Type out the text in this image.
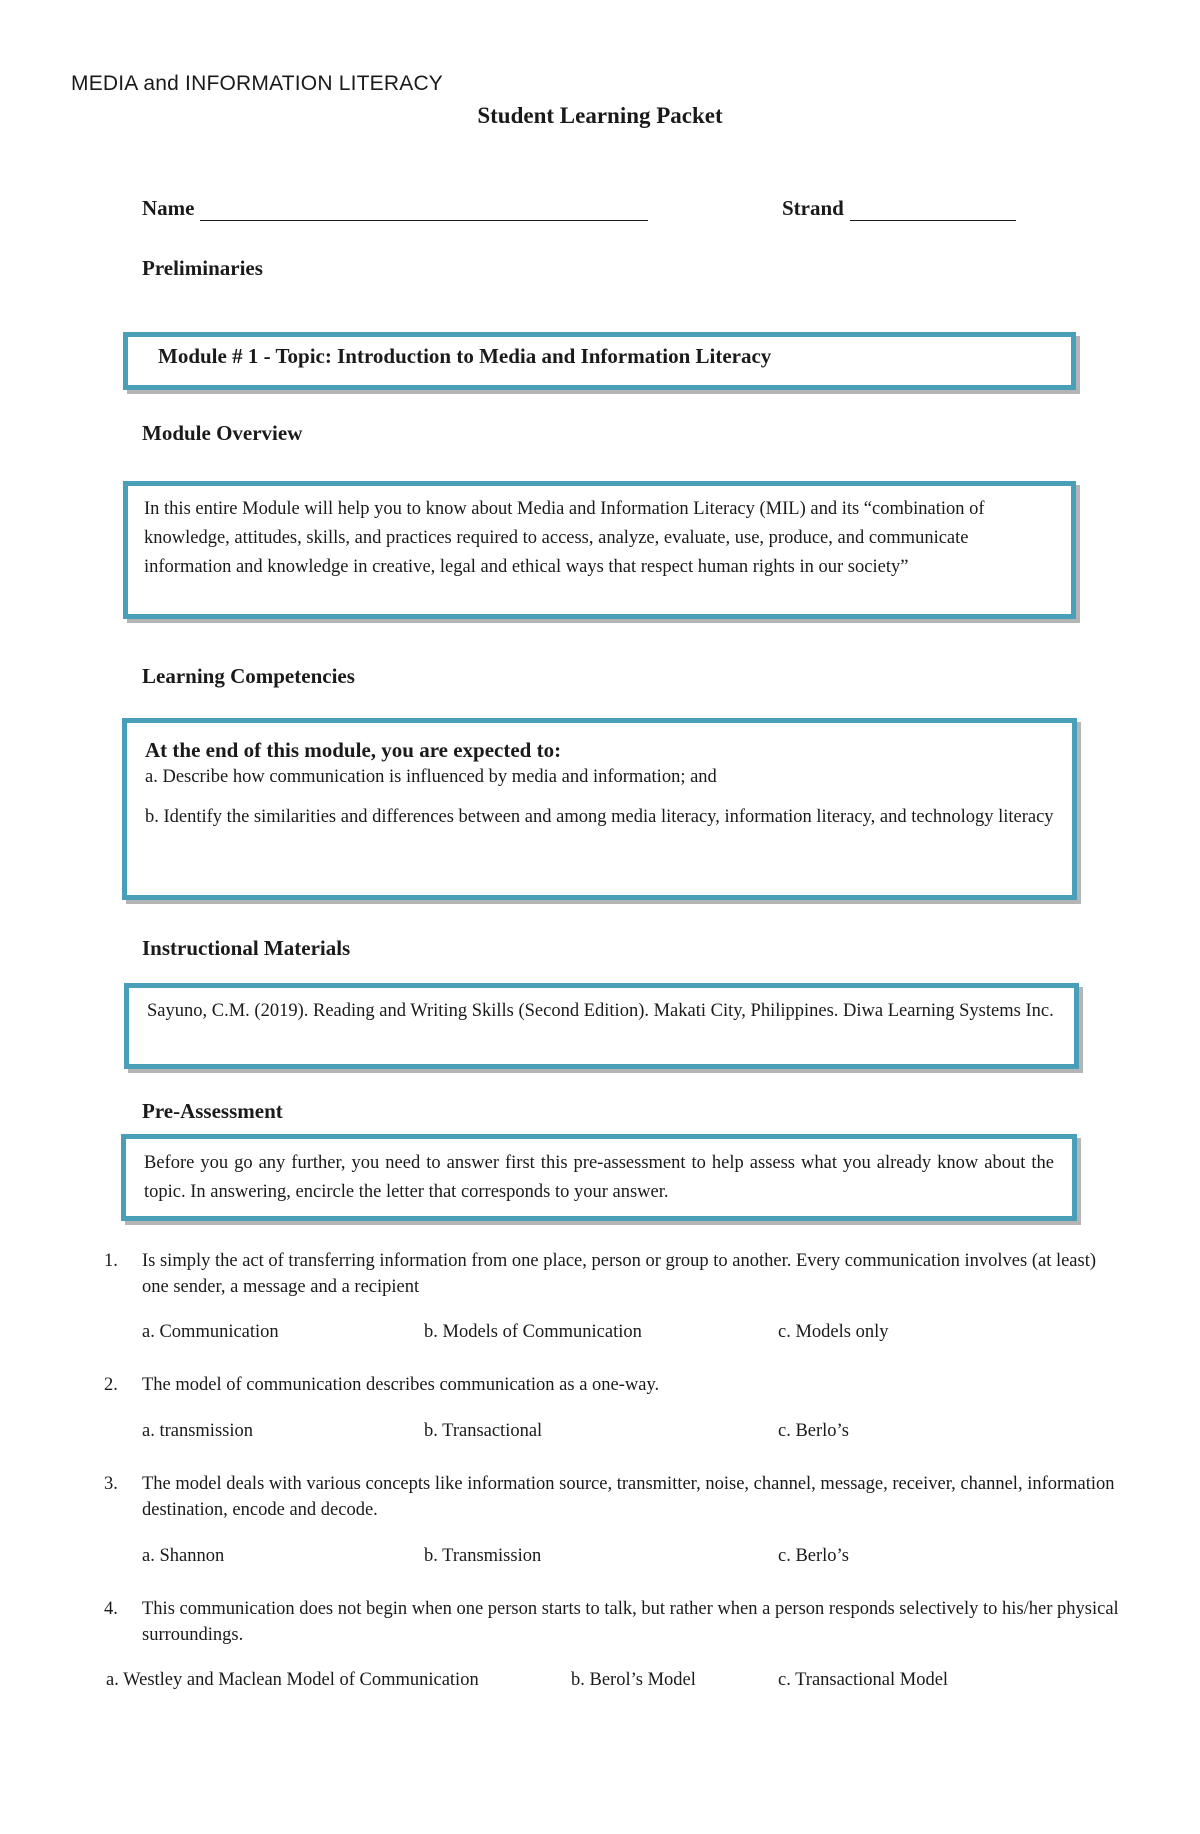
MEDIA and INFORMATION LITERACY
Student Learning Packet
Name	Strand
Preliminaries
Module # 1 - Topic: Introduction to Media and Information Literacy
Module Overview
In this entire Module will help you to know about Media and Information Literacy (MIL) and its “combination of knowledge, attitudes, skills, and practices required to access, analyze, evaluate, use, produce, and communicate information and knowledge in creative, legal and ethical ways that respect human rights in our society”
Learning Competencies
At the end of this module, you are expected to:
a. Describe how communication is influenced by media and information; and
b. Identify the similarities and differences between and among media literacy, information literacy, and technology literacy
Instructional Materials
Sayuno, C.M. (2019). Reading and Writing Skills (Second Edition). Makati City, Philippines. Diwa Learning Systems Inc.
Pre-Assessment
Before you go any further, you need to answer first this pre-assessment to help assess what you already know about the topic. In answering, encircle the letter that corresponds to your answer.
1. Is simply the act of transferring information from one place, person or group to another. Every communication involves (at least) one sender, a message and a recipient
a. Communication	b. Models of Communication	c. Models only
2. The model of communication describes communication as a one-way.
a. transmission	b. Transactional	c. Berlo’s
3. The model deals with various concepts like information source, transmitter, noise, channel, message, receiver, channel, information destination, encode and decode.
a. Shannon	b. Transmission	c. Berlo’s
4. This communication does not begin when one person starts to talk, but rather when a person responds selectively to his/her physical surroundings.
a. Westley and Maclean Model of Communication	b. Berol’s Model	c. Transactional Model
